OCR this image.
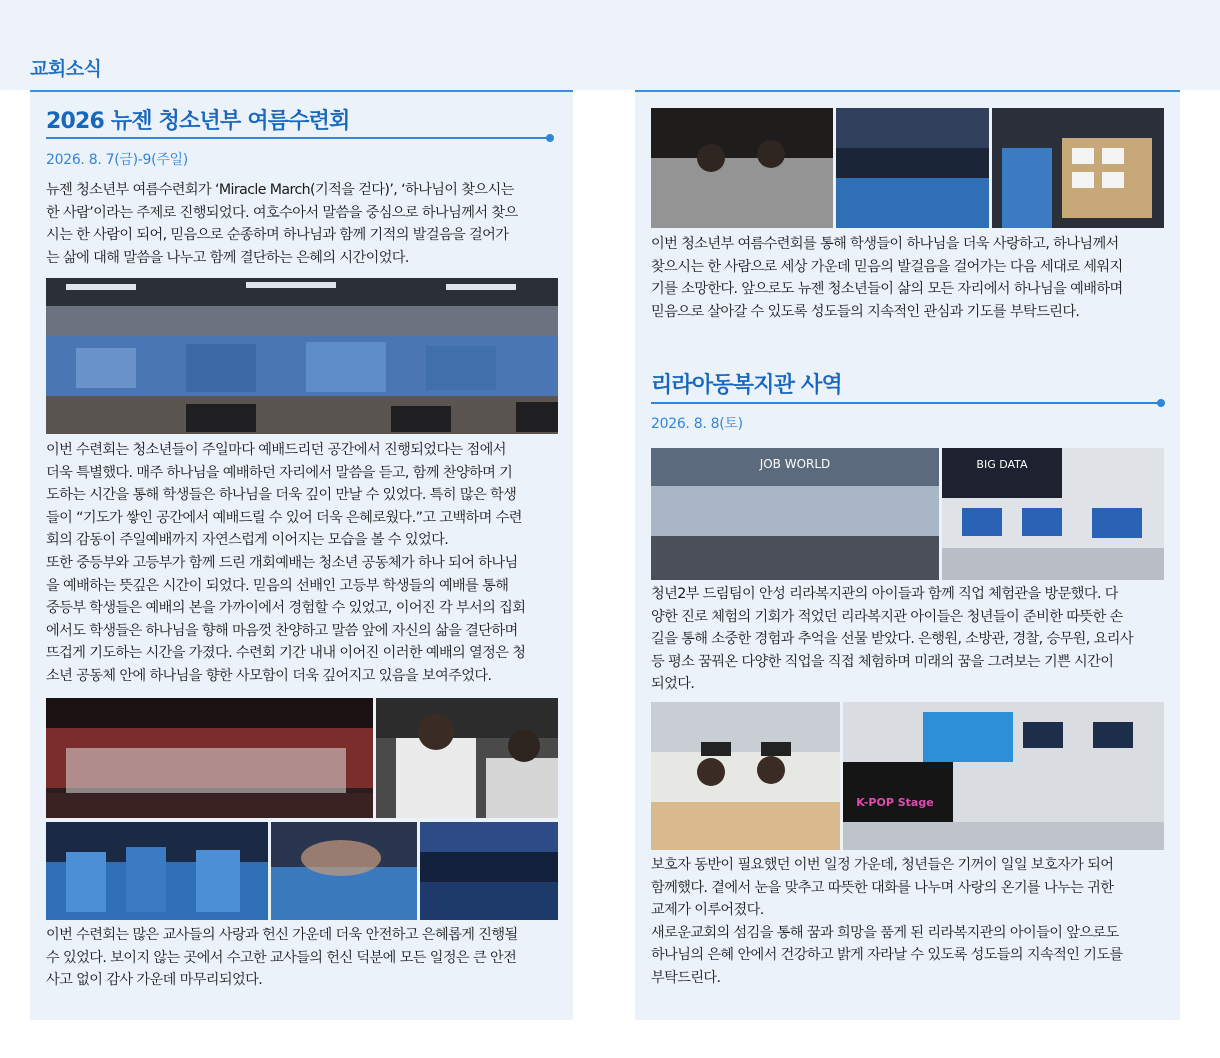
교회소식
2026 뉴젠 청소년부 여름수련회
2026. 8. 7(금)-9(주일)

뉴젠 청소년부 여름수련회가 ‘Miracle March(기적을 걷다)’, ‘하나님이 찾으시는
한 사람’이라는 주제로 진행되었다. 여호수아서 말씀을 중심으로 하나님께서 찾으
시는 한 사람이 되어, 믿음으로 순종하며 하나님과 함께 기적의 발걸음을 걸어가
는 삶에 대해 말씀을 나누고 함께 결단하는 은혜의 시간이었다.

이번 수련회는 청소년들이 주일마다 예배드리던 공간에서 진행되었다는 점에서
더욱 특별했다. 매주 하나님을 예배하던 자리에서 말씀을 듣고, 함께 찬양하며 기
도하는 시간을 통해 학생들은 하나님을 더욱 깊이 만날 수 있었다. 특히 많은 학생
들이 “기도가 쌓인 공간에서 예배드릴 수 있어 더욱 은혜로웠다.”고 고백하며 수련
회의 감동이 주일예배까지 자연스럽게 이어지는 모습을 볼 수 있었다.
또한 중등부와 고등부가 함께 드린 개회예배는 청소년 공동체가 하나 되어 하나님
을 예배하는 뜻깊은 시간이 되었다. 믿음의 선배인 고등부 학생들의 예배를 통해
중등부 학생들은 예배의 본을 가까이에서 경험할 수 있었고, 이어진 각 부서의 집회
에서도 학생들은 하나님을 향해 마음껏 찬양하고 말씀 앞에 자신의 삶을 결단하며
뜨겁게 기도하는 시간을 가졌다. 수련회 기간 내내 이어진 이러한 예배의 열정은 청
소년 공동체 안에 하나님을 향한 사모함이 더욱 깊어지고 있음을 보여주었다.

이번 수련회는 많은 교사들의 사랑과 헌신 가운데 더욱 안전하고 은혜롭게 진행될
수 있었다. 보이지 않는 곳에서 수고한 교사들의 헌신 덕분에 모든 일정은 큰 안전
사고 없이 감사 가운데 마무리되었다.

이번 청소년부 여름수련회를 통해 학생들이 하나님을 더욱 사랑하고, 하나님께서
찾으시는 한 사람으로 세상 가운데 믿음의 발걸음을 걸어가는 다음 세대로 세워지
기를 소망한다. 앞으로도 뉴젠 청소년들이 삶의 모든 자리에서 하나님을 예배하며
믿음으로 살아갈 수 있도록 성도들의 지속적인 관심과 기도를 부탁드린다.

리라아동복지관 사역
2026. 8. 8(토)
JOB WORLD	BIG DATA

청년2부 드림팀이 안성 리라복지관의 아이들과 함께 직업 체험관을 방문했다. 다
양한 진로 체험의 기회가 적었던 리라복지관 아이들은 청년들이 준비한 따뜻한 손
길을 통해 소중한 경험과 추억을 선물 받았다. 은행원, 소방관, 경찰, 승무원, 요리사
등 평소 꿈꿔온 다양한 직업을 직접 체험하며 미래의 꿈을 그려보는 기쁜 시간이
되었다.

K-POP Stage

보호자 동반이 필요했던 이번 일정 가운데, 청년들은 기꺼이 일일 보호자가 되어
함께했다. 곁에서 눈을 맞추고 따뜻한 대화를 나누며 사랑의 온기를 나누는 귀한
교제가 이루어졌다.
새로운교회의 섬김을 통해 꿈과 희망을 품게 된 리라복지관의 아이들이 앞으로도
하나님의 은혜 안에서 건강하고 밝게 자라날 수 있도록 성도들의 지속적인 기도를
부탁드린다.
